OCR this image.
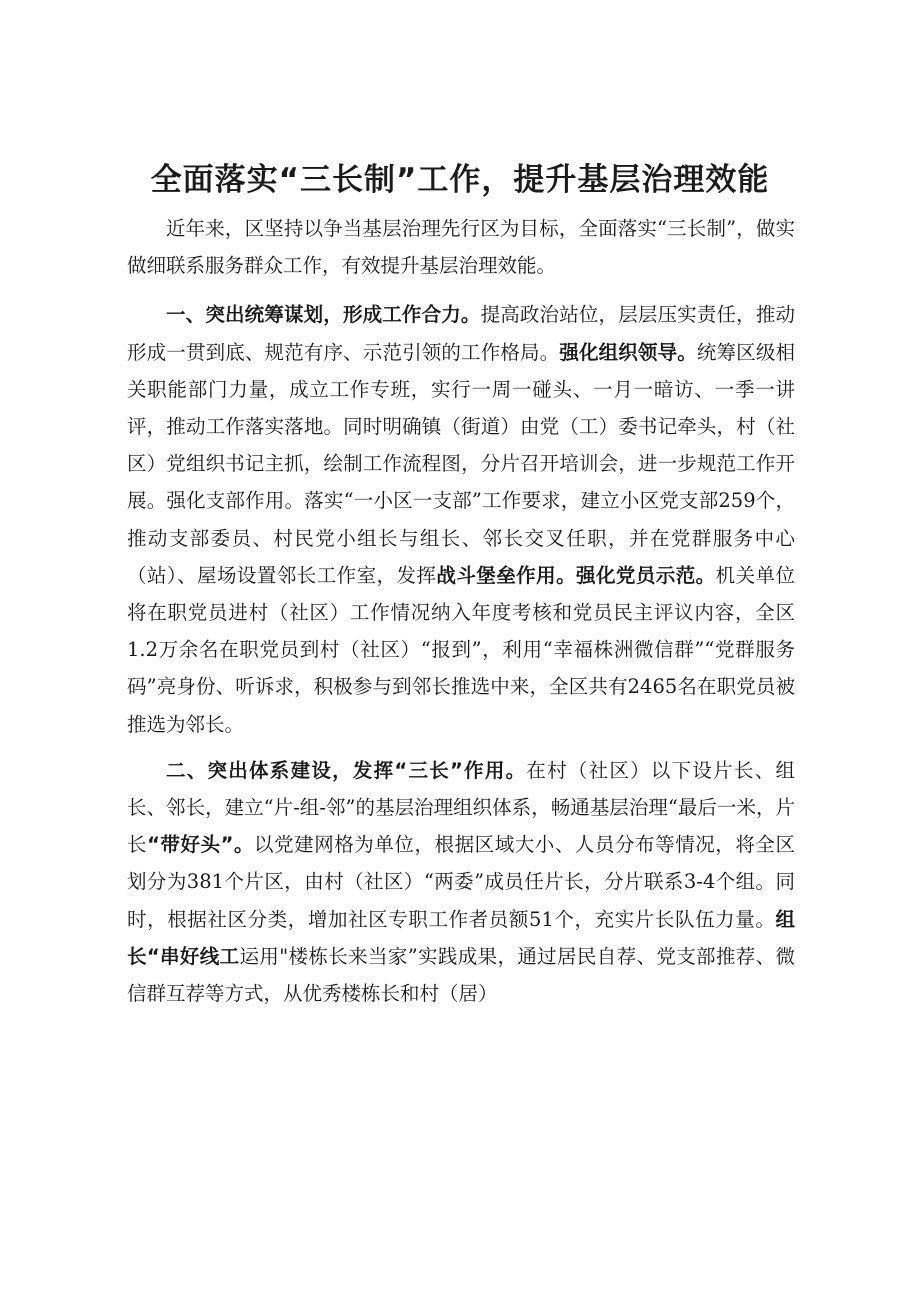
全面落实“三长制”工作，提升基层治理效能

近年来，区坚持以争当基层治理先行区为目标，全面落实“三长制”，做实做细联系服务群众工作，有效提升基层治理效能。

一、突出统筹谋划，形成工作合力。提高政治站位，层层压实责任，推动形成一贯到底、规范有序、示范引领的工作格局。强化组织领导。统筹区级相关职能部门力量，成立工作专班，实行一周一碰头、一月一暗访、一季一讲评，推动工作落实落地。同时明确镇（街道）由党（工）委书记牵头，村（社区）党组织书记主抓，绘制工作流程图，分片召开培训会，进一步规范工作开展。强化支部作用。落实“一小区一支部”工作要求，建立小区党支部259个，推动支部委员、村民党小组长与组长、邻长交叉任职，并在党群服务中心（站）、屋场设置邻长工作室，发挥战斗堡垒作用。强化党员示范。机关单位将在职党员进村（社区）工作情况纳入年度考核和党员民主评议内容，全区1.2万余名在职党员到村（社区）“报到”，利用“幸福株洲微信群”“党群服务码”亮身份、听诉求，积极参与到邻长推选中来，全区共有2465名在职党员被推选为邻长。

二、突出体系建设，发挥“三长”作用。在村（社区）以下设片长、组长、邻长，建立“片-组-邻”的基层治理组织体系，畅通基层治理“最后一米，片长“带好头”。以党建网格为单位，根据区域大小、人员分布等情况，将全区划分为381个片区，由村（社区）“两委”成员任片长，分片联系3-4个组。同时，根据社区分类，增加社区专职工作者员额51个，充实片长队伍力量。组长“串好线工运用"楼栋长来当家”实践成果，通过居民自荐、党支部推荐、微信群互荐等方式，从优秀楼栋长和村（居）
